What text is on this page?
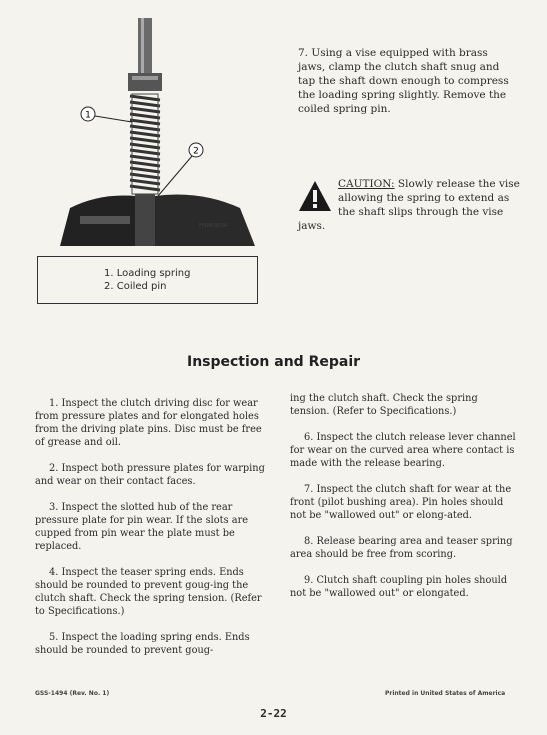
1
2
FFRM-9034
7. Using a vise equipped with brass jaws, clamp the clutch shaft snug and tap the shaft down enough to compress the loading spring slightly. Remove the coiled spring pin.
CAUTION: Slowly release the vise allowing the spring to extend as the shaft slips through the vise jaws.
1. Loading spring
2. Coiled pin
Inspection and Repair

1. Inspect the clutch driving disc for wear from pressure plates and for elongated holes from the driving plate pins. Disc must be free of grease and oil.

2. Inspect both pressure plates for warping and wear on their contact faces.

3. Inspect the slotted hub of the rear pressure plate for pin wear. If the slots are cupped from pin wear the plate must be replaced.

4. Inspect the teaser spring ends. Ends should be rounded to prevent goug-ing the clutch shaft. Check the spring tension. (Refer to Specifications.)

5. Inspect the loading spring ends. Ends should be rounded to prevent goug-

ing the clutch shaft. Check the spring tension. (Refer to Specifications.)

6. Inspect the clutch release lever channel for wear on the curved area where contact is made with the release bearing.

7. Inspect the clutch shaft for wear at the front (pilot bushing area). Pin holes should not be "wallowed out" or elong-ated.

8. Release bearing area and teaser spring area should be free from scoring.

9. Clutch shaft coupling pin holes should not be "wallowed out" or elongated.

GSS-1494 (Rev. No. 1)	Printed in United States of America
2-22
